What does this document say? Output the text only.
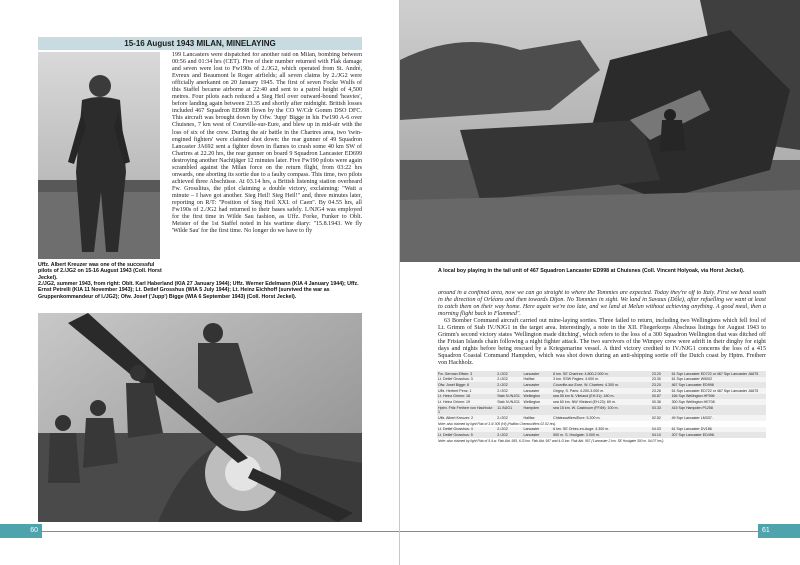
15-16 August 1943 MILAN, MINELAYING
Uffz. Albert Kreuzer was one of the successful pilots of 2./JG2 on 15-16 August 1943 (Coll. Horst Jeckel).

199 Lancasters were dispatched for another raid on Milan, bombing between 00:56 and 01:34 hrs (CET). Five of their number returned with Flak damage and seven were lost to Fw190s of 2./JG2, which operated from St. André, Evreux and Beaumont le Roger airfields; all seven claims by 2./JG2 were officially anerkannt on 20 January 1945. The first of seven Focke Wulfs of this Staffel became airborne at 22:40 and sent to a patrol height of 4,500 metres. Four pilots each reduced a Sieg Heil over outward-bound 'heavies', before landing again between 23.35 and shortly after midnight. British losses included 467 Squadron ED998 flown by the CO W/Cdr Gomm DSO DFC. This aircraft was brought down by Ofw. 'Jupp' Bigge in his Fw190 A-6 over Chuisnes, 7 km west of Courville-sur-Eure, and blew up in mid-air with the loss of six of the crew. During the air battle in the Chartres area, two 'twin-engined fighters' were claimed shot down: the rear gunner of 49 Squadron Lancaster JA692 sent a fighter down in flames to crash some 40 km SW of Chartres at 22.20 hrs, the rear gunner on board 9 Squadron Lancaster ED699 destroying another Nachtjäger 12 minutes later. Five Fw190 pilots were again scrambled against the Milan force on the return flight, from 03:22 hrs onwards, one aborting its sortie due to a faulty compass. This time, two pilots achieved three Abschüsse. At 03.14 hrs, a British listening station overheard Fw. Grosslitus, the pilot claiming a double victory, exclaiming: "Wait a minute – I have got another. Sieg Heil! Sieg Heil!" and, three minutes later, reporting on R/T: "Position of Sieg Heil XXI. of Caen". By 04.55 hrs, all Fw190s of 2./JG2 had returned to their bases safely. I./NJG4 was employed for the first time in Wilde Sau fashion, as Uffz. Forke, Funker to Oblt. Meister of the 1st Staffel noted in his wartime diary: "15.8.1943. We fly 'Wilde Sau' for the first time. No longer do we have to fly

2./JG2, summer 1943, from right: Oblt. Karl Haberland (KIA 27 January 1944); Uffz. Werner Edelmann (KIA 4 January 1944); Uffz. Ernst Petrelli (KIA 11 November 1943); Lt. Detlef Grosshus (WIA 5 July 1944); Lt. Heinz Eichhoff (survived the war as Gruppenkommandeur of I./JG2); Ofw. Josef ('Jupp') Bigge (WIA 6 September 1943) (Coll. Horst Jeckel).
60
A local boy playing in the tail unit of 467 Squadron Lancaster ED998 at Chuisnes (Coll. Vincent Holyoak, via Horst Jeckel).

around in a confined area, now we can go straight to where the Tommies are expected. Today they're off to Italy. First we head south in the direction of Orléans and then towards Dijon. No Tommies in sight. We land in Savaux (Dôle), after refuelling we want at least to catch them on their way home. Here again we're too late, and we land at Melun without achieving anything. A good meal, then a morning flight back to Flammed".

63 Bomber Command aircraft carried out mine-laying sorties. Three failed to return, including two Wellingtons which fell foul of Lt. Grimm of Stab IV./NJG1 in the target area. Interestingly, a note in the XII. Fliegerkorps Abschuss listings for August 1943 to Grimm's second victory states 'Wellington made ditching', which refers to the loss of a 300 Squadron Wellington that was ditched off the Frisian Islands chain following a night fighter attack. The two survivors of the Wimpey crew were adrift in their dinghy for eight days and nights before being rescued by a Kriegsmarine vessel. A third victory credited to IV./NJG1 concerns the loss of a 415 Squadron Coastal Command Hampden, which was shot down during an anti-shipping sortie off the Dutch coast by Hptm. Freiherr von Hachholz.

61
Fw. German Elfwin: 3	2./JG2	Lancaster	6 km. SE Chartres: 4.800-2.000 m.	23.20	61 Sqn Lancaster ED722 or 467 Sqn Lancaster JA675
Lt. Detlef Grosshus: 3	2./JG2	Halifax	3 km. SSW Pagles: 4.000 m.	23.30	61 Sqn Lancaster W5002
Ofw. Josef Bigge: 6	2./JG2	Lancaster	Courville-sur-Eure, W. Chartres: 4.300 m.	23.20	467 Sqn Lancaster ED998
Uffz. Herbert Penz: 1	2./JG2	Lancaster	Grigny, S. Paris: 4.200-3.000 m.	23.26	61 Sqn Lancaster ED722 or 467 Sqn Lancaster JA675
Lt. Heinz Grimm: 18	Stab IV./NJG1	Wellington	sea 55 km N. Vlieland (EH.31): 180 m.	00.87	166 Sqn Wellington HF596
Lt. Heinz Grimm: 19	Stab IV./NJG1	Wellington	sea 60 km. NW Vlieland (EH.23): 69 m.	00.36	300 Sqn Wellington HE708
Hptm. Fritz Freiherr von Hachholz: 1	11./NJG1	Hampden	sea 15 km. W. Castricum (FF.69): 100 m.	03.33	415 Sqn Hampden P1258
Uffz. Albert Kreuzer: 2	2./JG2	Halifax	Châteauvillers/Eure: 5.200 m.	02.52	49 Sqn Lancaster LM337.
Note: also claimed by light Flak of 3./I/ 305 (HI) (Halifax Chenouvillers 02.52 hrs).					
Lt. Detlef Grosshus: 4	2./JG2	Lancaster	6 km. SE Orbec-en-Auge: 4.300 m.	04.03	61 Sqn Lancaster DV186
Lt. Detlef Grosshus: 5	2./JG2	Lancaster	500 m. S. Houlgate: 3.000 m.	04.10	207 Sqn Lancaster ED498.
Note: also claimed by light Flak of 5./Lw. Flak Abt. 955, 6./3.Inn. Flak Abt. 957 and 4./3.Inn. Flak Abt. 957 ('Lancaster 2 km. SE Houlgate 300 m. 04.07 hrs').					
